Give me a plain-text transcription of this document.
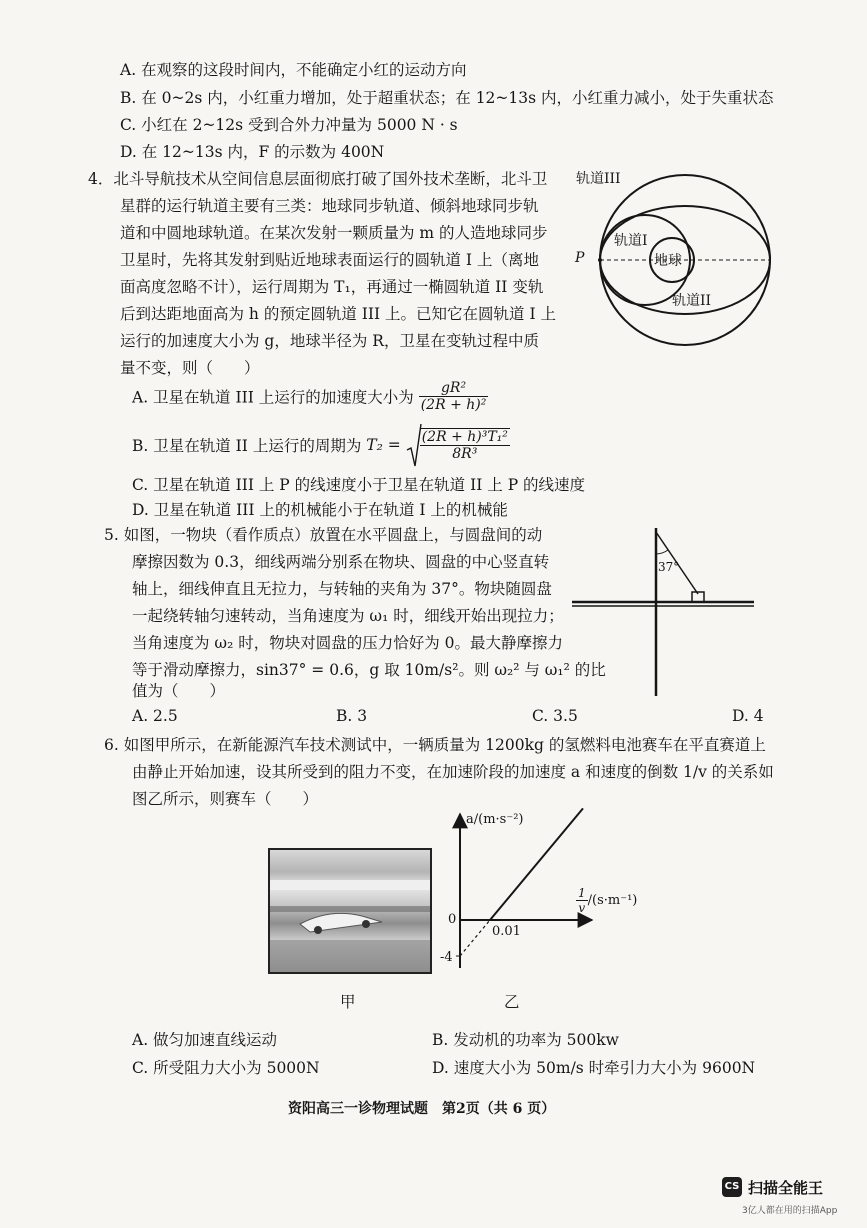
A. 在观察的这段时间内，不能确定小红的运动方向
B. 在 0~2s 内，小红重力增加，处于超重状态；在 12~13s 内，小红重力减小，处于失重状态
C. 小红在 2~12s 受到合外力冲量为 5000 N · s
D. 在 12~13s 内，F 的示数为 400N
4．北斗导航技术从空间信息层面彻底打破了国外技术垄断，北斗卫
星群的运行轨道主要有三类：地球同步轨道、倾斜地球同步轨
道和中圆地球轨道。在某次发射一颗质量为 m 的人造地球同步
卫星时，先将其发射到贴近地球表面运行的圆轨道 I 上（离地
面高度忽略不计），运行周期为 T₁，再通过一椭圆轨道 II 变轨
后到达距地面高为 h 的预定圆轨道 III 上。已知它在圆轨道 I 上
运行的加速度大小为 g，地球半径为 R，卫星在变轨过程中质
量不变，则（　　）
轨道III
轨道I
地球
轨道II
P
A. 卫星在轨道 III 上运行的加速度大小为 $\frac{\text{gR²}}{\text{(2R + h)²}}$
B. 卫星在轨道 II 上运行的周期为 $T_2 = \frac{\text{(2R + h)³T₁²}}{\text{8R³}}$
C. 卫星在轨道 III 上 P 的线速度小于卫星在轨道 II 上 P 的线速度
D. 卫星在轨道 III 上的机械能小于在轨道 I 上的机械能
5. 如图，一物块（看作质点）放置在水平圆盘上，与圆盘间的动
摩擦因数为 0.3，细线两端分别系在物块、圆盘的中心竖直转
轴上，细线伸直且无拉力，与转轴的夹角为 37°。物块随圆盘
一起绕转轴匀速转动，当角速度为 ω₁ 时，细线开始出现拉力；
当角速度为 ω₂ 时，物块对圆盘的压力恰好为 0。最大静摩擦力
等于滑动摩擦力，sin37° = 0.6，g 取 10m/s²。则 ω₂² 与 ω₁² 的比
值为（　　）
37°
A. 2.5	B. 3	C. 3.5	D. 4
6. 如图甲所示，在新能源汽车技术测试中，一辆质量为 1200kg 的氢燃料电池赛车在平直赛道上
由静止开始加速，设其所受到的阻力不变，在加速阶段的加速度 a 和速度的倒数 1/v 的关系如
图乙所示，则赛车（　　）
a/(m·s⁻²)
0
0.01
-4
$\frac{1}{v} /(s\cdot m^{-1})$
甲	乙
A. 做匀加速直线运动	B. 发动机的功率为 500kw
C. 所受阻力大小为 5000N	D. 速度大小为 50m/s 时牵引力大小为 9600N
资阳高三一诊物理试题　第2页（共 6 页）
CS 扫描全能王
3亿人都在用的扫描App
